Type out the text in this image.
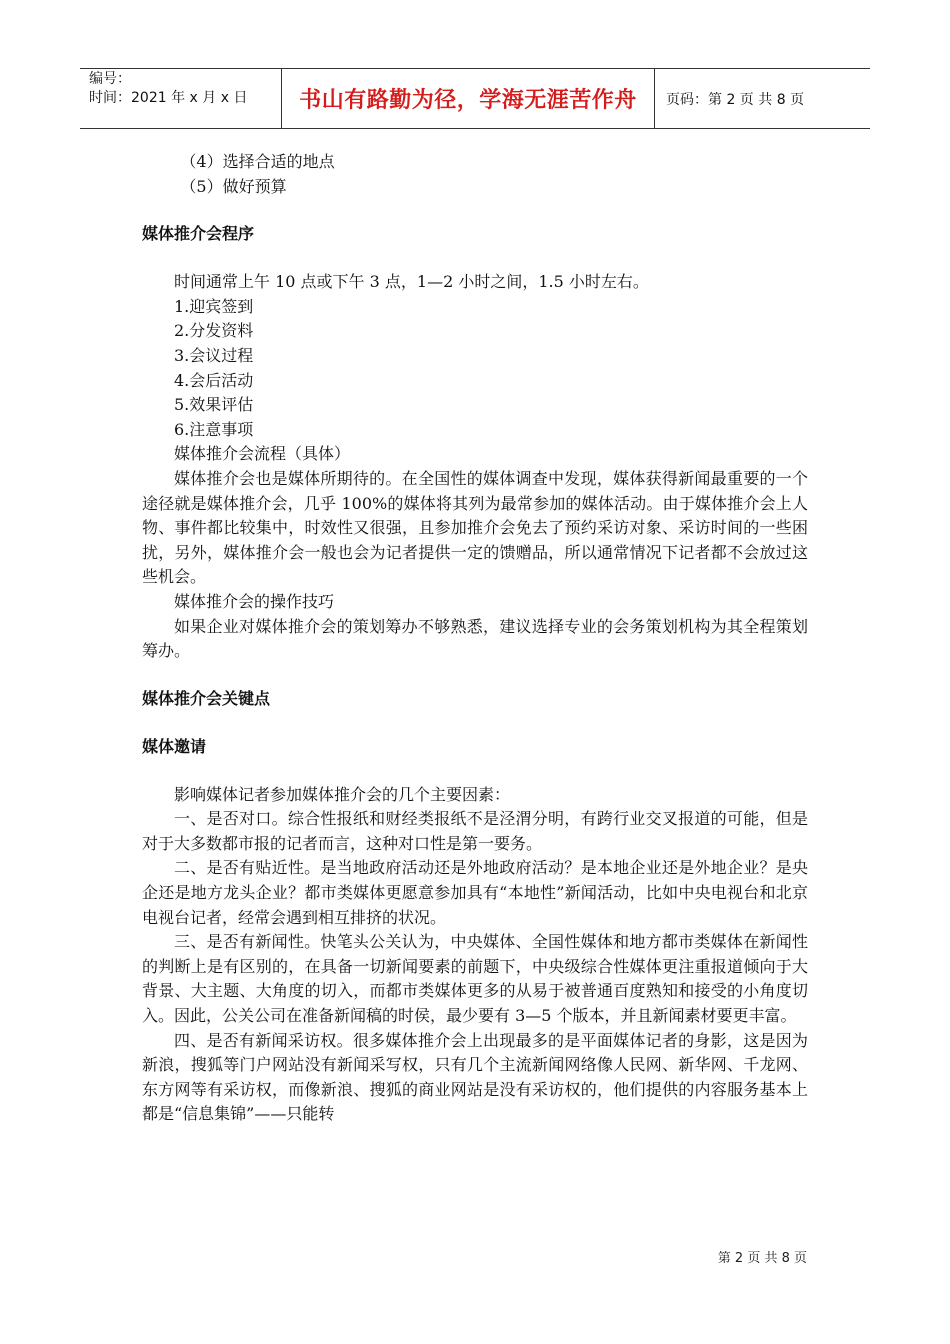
编号：
时间：2021 年 x 月 x 日	书山有路勤为径，学海无涯苦作舟	页码：第 2 页 共 8 页

（4）选择合适的地点

（5）做好预算

媒体推介会程序

时间通常上午 10 点或下午 3 点，1—2 小时之间，1.5 小时左右。

1.迎宾签到

2.分发资料

3.会议过程

4.会后活动

5.效果评估

6.注意事项

媒体推介会流程（具体）

媒体推介会也是媒体所期待的。在全国性的媒体调查中发现，媒体获得新闻最重要的一个途径就是媒体推介会，几乎 100%的媒体将其列为最常参加的媒体活动。由于媒体推介会上人物、事件都比较集中，时效性又很强，且参加推介会免去了预约采访对象、采访时间的一些困扰，另外，媒体推介会一般也会为记者提供一定的馈赠品，所以通常情况下记者都不会放过这些机会。

媒体推介会的操作技巧

如果企业对媒体推介会的策划筹办不够熟悉，建议选择专业的会务策划机构为其全程策划筹办。

媒体推介会关键点

媒体邀请

影响媒体记者参加媒体推介会的几个主要因素：

一、是否对口。综合性报纸和财经类报纸不是泾渭分明，有跨行业交叉报道的可能，但是对于大多数都市报的记者而言，这种对口性是第一要务。

二、是否有贴近性。是当地政府活动还是外地政府活动？是本地企业还是外地企业？是央企还是地方龙头企业？都市类媒体更愿意参加具有“本地性”新闻活动，比如中央电视台和北京电视台记者，经常会遇到相互排挤的状况。

三、是否有新闻性。快笔头公关认为，中央媒体、全国性媒体和地方都市类媒体在新闻性的判断上是有区别的，在具备一切新闻要素的前题下，中央级综合性媒体更注重报道倾向于大背景、大主题、大角度的切入，而都市类媒体更多的从易于被普通百度熟知和接受的小角度切入。因此，公关公司在准备新闻稿的时侯，最少要有 3—5 个版本，并且新闻素材要更丰富。

四、是否有新闻采访权。很多媒体推介会上出现最多的是平面媒体记者的身影，这是因为新浪，搜狐等门户网站没有新闻采写权，只有几个主流新闻网络像人民网、新华网、千龙网、东方网等有采访权，而像新浪、搜狐的商业网站是没有采访权的，他们提供的内容服务基本上都是“信息集锦”——只能转

第 2 页 共 8 页
